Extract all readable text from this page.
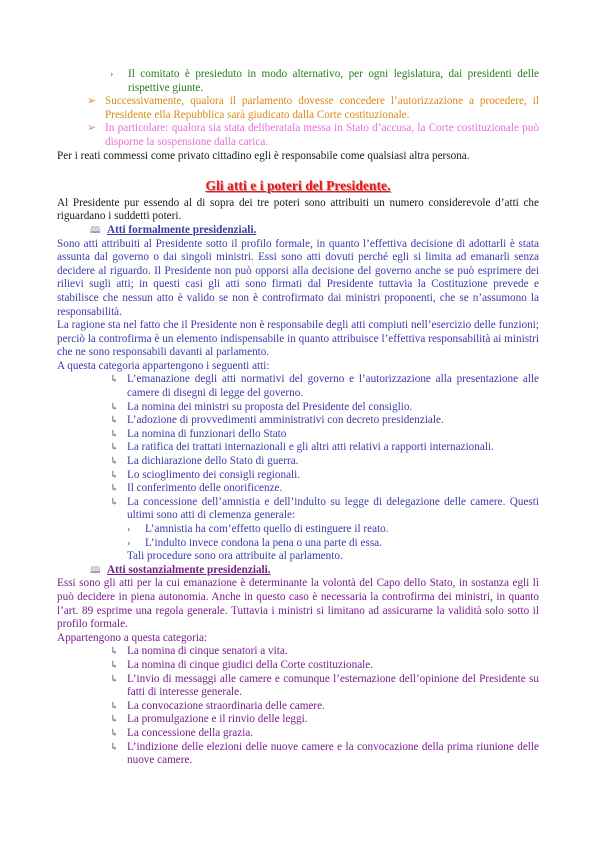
›	Il comitato è presieduto in modo alternativo, per ogni legislatura, dai presidenti delle rispettive giunte.
➢ Successivamente, qualora il parlamento dovesse concedere l’autorizzazione a procedere, il Presidente ella Repubblica sarà giudicato dalla Corte costituzionale.
➢ In particolare: qualora sia stata deliberatala messa in Stato d’accusa, la Corte costituzionale può disporne la sospensione dalla carica.

Per i reati commessi come privato cittadino egli è responsabile come qualsiasi altra persona.

Gli atti e i poteri del Presidente.

Al Presidente pur essendo al di sopra dei tre poteri sono attribuiti un numero considerevole d’atti che riguardano i suddetti poteri.

🕮 Atti formalmente presidenziali.

Sono atti attribuiti al Presidente sotto il profilo formale, in quanto l’effettiva decisione di adottarli è stata assunta dal governo o dai singoli ministri. Essi sono atti dovuti perché egli si limita ad emanarli senza decidere al riguardo. Il Presidente non può opporsi alla decisione del governo anche se può esprimere dei rilievi sugli atti; in questi casi gli atti sono firmati dal Presidente tuttavia la Costituzione prevede e stabilisce che nessun atto è valido se non è controfirmato dai ministri proponenti, che se n’assumono la responsabilità.

La ragione sta nel fatto che il Presidente non è responsabile degli atti compiuti nell’esercizio delle funzioni; perciò la controfirma è un elemento indispensabile in quanto attribuisce l’effettiva responsabilità ai ministri che ne sono responsabili davanti al parlamento.

A questa categoria appartengono i seguenti atti:

↳ L’emanazione degli atti normativi del governo e l’autorizzazione alla presentazione alle camere di disegni di legge del governo.
↳ La nomina dei ministri su proposta del Presidente del consiglio.
↳ L’adozione di provvedimenti amministrativi con decreto presidenziale.
↳ La nomina di funzionari dello Stato
↳ La ratifica dei trattati internazionali e gli altri atti relativi a rapporti internazionali.
↳ La dichiarazione dello Stato di guerra.
↳ Lo scioglimento dei consigli regionali.
↳ Il conferimento delle onorificenze.
↳ La concessione dell’amnistia e dell’indulto su legge di delegazione delle camere. Questi ultimi sono atti di clemenza generale:
›	L’amnistia ha com’effetto quello di estinguere il reato.
›	L’indulto invece condona la pena o una parte di essa.

Tali procedure sono ora attribuite al parlamento.

🕮 Atti sostanzialmente presidenziali.

Essi sono gli atti per la cui emanazione è determinante la volontà del Capo dello Stato, in sostanza egli lì può decidere in piena autonomia. Anche in questo caso è necessaria la controfirma dei ministri, in quanto l’art. 89 esprime una regola generale. Tuttavia i ministri si limitano ad assicurarne la validità solo sotto il profilo formale.

Appartengono a questa categoria:

↳ La nomina di cinque senatori a vita.
↳ La nomina di cinque giudici della Corte costituzionale.
↳ L’invio di messaggi alle camere e comunque l’esternazione dell’opinione del Presidente su fatti di interesse generale.
↳ La convocazione straordinaria delle camere.
↳ La promulgazione e il rinvio delle leggi.
↳ La concessione della grazia.
↳ L’indizione delle elezioni delle nuove camere e la convocazione della prima riunione delle nuove camere.
